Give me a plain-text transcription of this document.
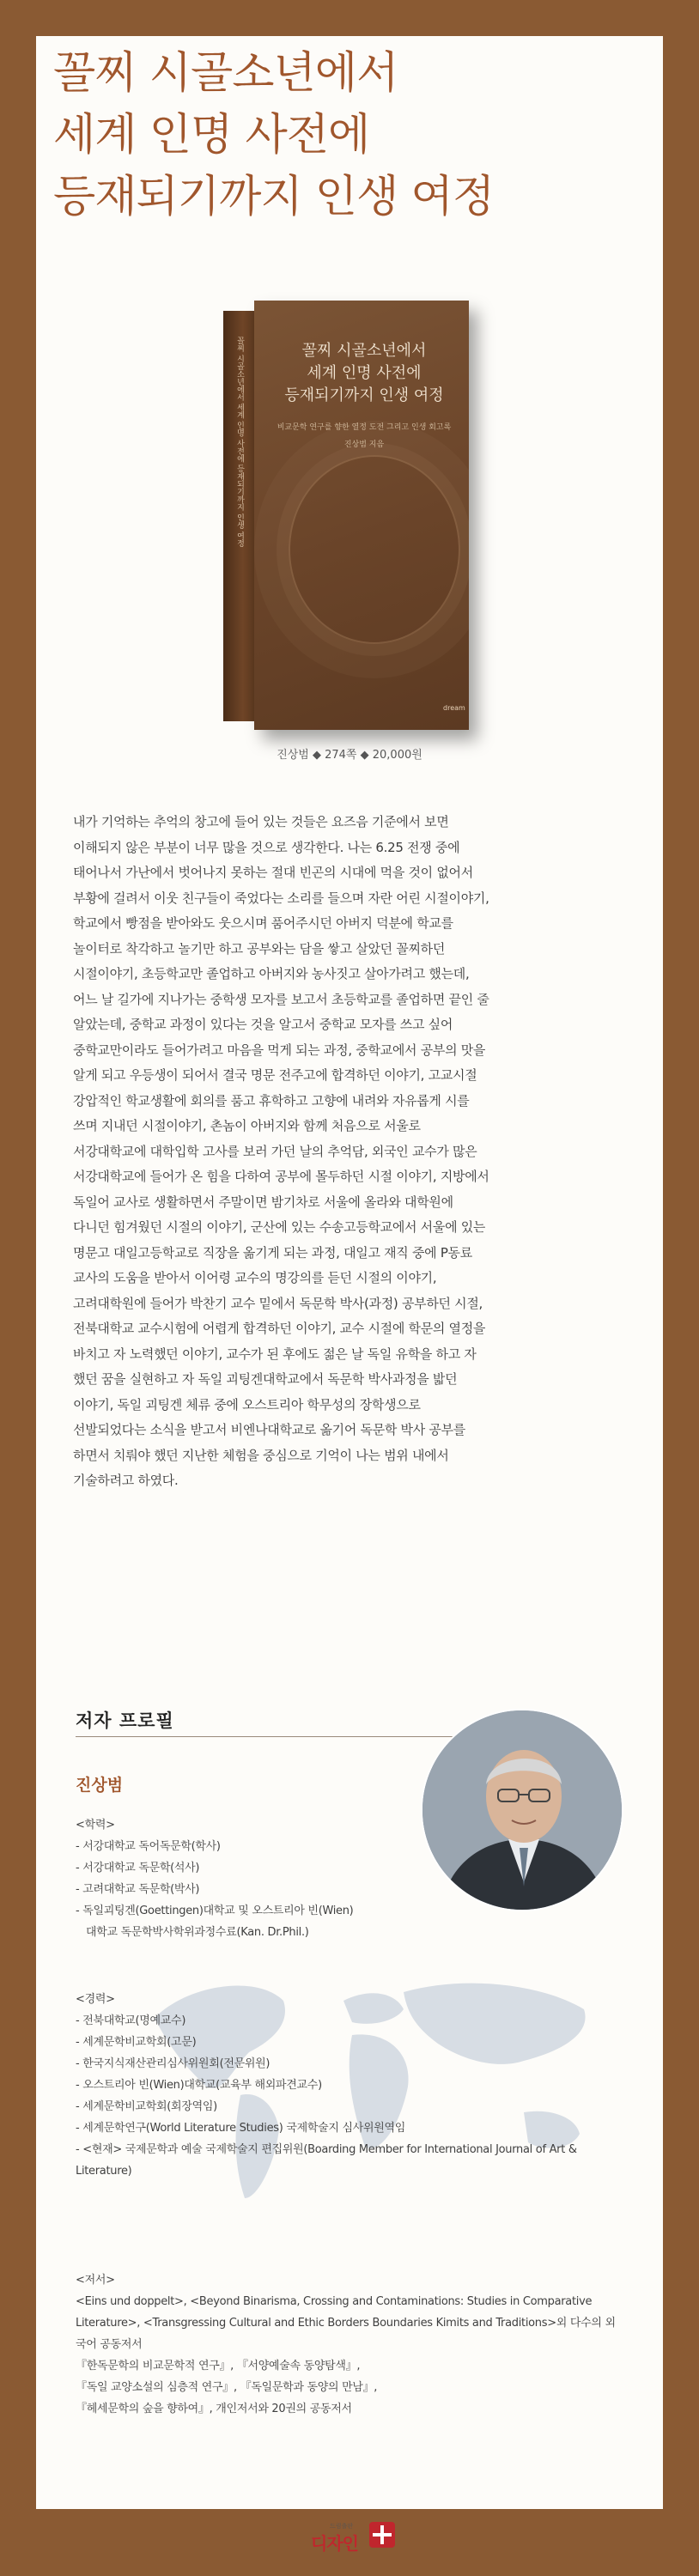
꼴찌 시골소년에서
세계 인명 사전에
등재되기까지 인생 여정
꼴찌 시골소년에서 세계 인명 사전에 등재되기까지 인생 여정	꼴찌 시골소년에서
세계 인명 사전에
등재되기까지 인생 여정
비교문학 연구를 향한 열정 도전 그리고 인생 회고록
진상범 지음
dream
진상범 ◆ 274쪽 ◆ 20,000원
내가 기억하는 추억의 창고에 들어 있는 것들은 요즈음 기준에서 보면
이해되지 않은 부분이 너무 많을 것으로 생각한다. 나는 6.25 전쟁 중에
태어나서 가난에서 벗어나지 못하는 절대 빈곤의 시대에 먹을 것이 없어서
부황에 걸려서 이웃 친구들이 죽었다는 소리를 들으며 자란 어린 시절이야기,
학교에서 빵점을 받아와도 웃으시며 품어주시던 아버지 덕분에 학교를
놀이터로 착각하고 놀기만 하고 공부와는 담을 쌓고 살았던 꼴찌하던
시절이야기, 초등학교만 졸업하고 아버지와 농사짓고 살아가려고 했는데,
어느 날 길가에 지나가는 중학생 모자를 보고서 초등학교를 졸업하면 끝인 줄
알았는데, 중학교 과정이 있다는 것을 알고서 중학교 모자를 쓰고 싶어
중학교만이라도 들어가려고 마음을 먹게 되는 과정, 중학교에서 공부의 맛을
알게 되고 우등생이 되어서 결국 명문 전주고에 합격하던 이야기, 고교시절
강압적인 학교생활에 회의를 품고 휴학하고 고향에 내려와 자유롭게 시를
쓰며 지내던 시절이야기, 촌놈이 아버지와 함께 처음으로 서울로
서강대학교에 대학입학 고사를 보러 가던 날의 추억담, 외국인 교수가 많은
서강대학교에 들어가 온 힘을 다하여 공부에 몰두하던 시절 이야기, 지방에서
독일어 교사로 생활하면서 주말이면 밤기차로 서울에 올라와 대학원에
다니던 힘겨웠던 시절의 이야기, 군산에 있는 수송고등학교에서 서울에 있는
명문고 대일고등학교로 직장을 옮기게 되는 과정, 대일고 재직 중에 P동료
교사의 도움을 받아서 이어령 교수의 명강의를 듣던 시절의 이야기,
고려대학원에 들어가 박찬기 교수 밑에서 독문학 박사(과정) 공부하던 시절,
전북대학교 교수시험에 어렵게 합격하던 이야기, 교수 시절에 학문의 열정을
바치고 자 노력했던 이야기, 교수가 된 후에도 젊은 날 독일 유학을 하고 자
했던 꿈을 실현하고 자 독일 괴팅겐대학교에서 독문학 박사과정을 밟던
이야기, 독일 괴팅겐 체류 중에 오스트리아 학무성의 장학생으로
선발되었다는 소식을 받고서 비엔나대학교로 옮기어 독문학 박사 공부를
하면서 치뤄야 했던 지난한 체험을 중심으로 기억이 나는 범위 내에서
기술하려고 하였다.
저자 프로필
진상범
<학력>
- 서강대학교 독어독문학(학사)
- 서강대학교 독문학(석사)
- 고려대학교 독문학(박사)
- 독일괴팅겐(Goettingen)대학교 및 오스트리아 빈(Wien)
대학교 독문학박사학위과정수료(Kan. Dr.Phil.)
<경력>
- 전북대학교(명예교수)
- 세계문학비교학회(고문)
- 한국지식재산관리심사위원회(전문위원)
- 오스트리아 빈(Wien)대학교(교육부 해외파견교수)
- 세계문학비교학회(회장역임)
- 세계문학연구(World Literature Studies) 국제학술지 심사위원역임
- <현재> 국제문학과 예술 국제학술지 편집위원(Boarding Member for International Journal of Art & Literature)
<저서>
<Eins und doppelt>, <Beyond Binarisma, Crossing and Contaminations: Studies in Comparative Literature>, <Transgressing Cultural and Ethic Borders Boundaries Kimits and Traditions>외 다수의 외국어 공동저서
『한독문학의 비교문학적 연구』, 『서양예술속 동양탐색』,
『독일 교양소설의 심층적 연구』, 『독일문학과 동양의 만남』,
『헤세문학의 숲을 향하여』, 개인저서와 20권의 공동저서
드림출판
디자인
